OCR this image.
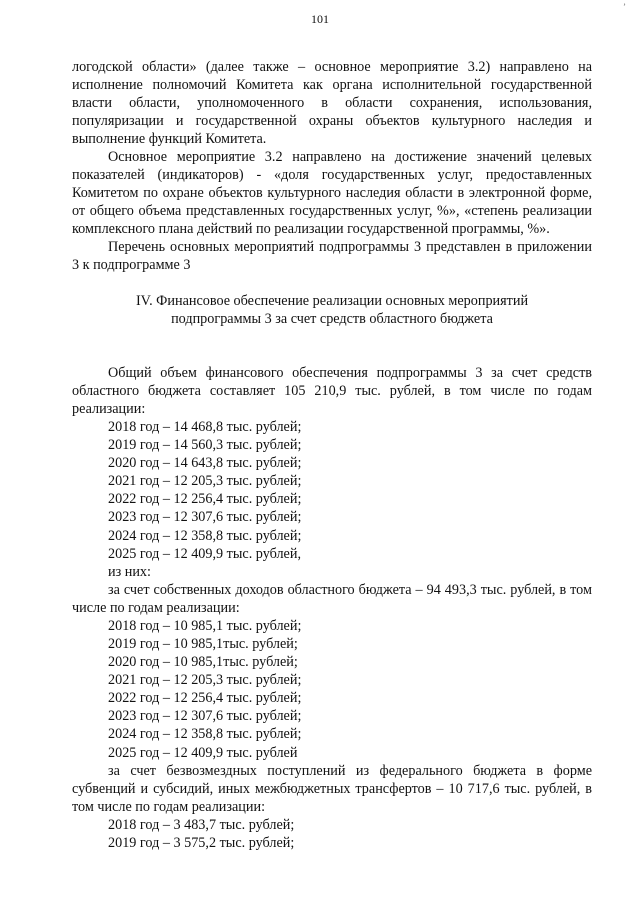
101
ʼ

логодской области» (далее также – основное мероприятие 3.2) направлено на исполнение полномочий Комитета как органа исполнительной государственной власти области, уполномоченного в области сохранения, использования, популяризации и государственной охраны объектов культурного наследия и выполнение функций Комитета.

Основное мероприятие 3.2 направлено на достижение значений целевых показателей (индикаторов) - «доля государственных услуг, предоставленных Комитетом по охране объектов культурного наследия области в электронной форме, от общего объема представленных государственных услуг, %», «степень реализации комплексного плана действий по реализации государственной программы, %».

Перечень основных мероприятий подпрограммы 3 представлен в приложении 3 к подпрограмме 3

IV. Финансовое обеспечение реализации основных мероприятий
подпрограммы 3 за счет средств областного бюджета

Общий объем финансового обеспечения подпрограммы 3 за счет средств областного бюджета составляет 105 210,9 тыс. рублей, в том числе по годам реализации:

2018 год – 14 468,8 тыс. рублей;
2019 год – 14 560,3 тыс. рублей;
2020 год – 14 643,8 тыс. рублей;
2021 год – 12 205,3 тыс. рублей;
2022 год – 12 256,4 тыс. рублей;
2023 год – 12 307,6 тыс. рублей;
2024 год – 12 358,8 тыс. рублей;
2025 год – 12 409,9 тыс. рублей,
из них:

за счет собственных доходов областного бюджета – 94 493,3 тыс. рублей, в том числе по годам реализации:

2018 год – 10 985,1 тыс. рублей;
2019 год – 10 985,1тыс. рублей;
2020 год – 10 985,1тыс. рублей;
2021 год – 12 205,3 тыс. рублей;
2022 год – 12 256,4 тыс. рублей;
2023 год – 12 307,6 тыс. рублей;
2024 год – 12 358,8 тыс. рублей;
2025 год – 12 409,9 тыс. рублей

за счет безвозмездных поступлений из федерального бюджета в форме субвенций и субсидий, иных межбюджетных трансфертов – 10 717,6 тыс. рублей, в том числе по годам реализации:

2018 год – 3 483,7 тыс. рублей;
2019 год – 3 575,2 тыс. рублей;
